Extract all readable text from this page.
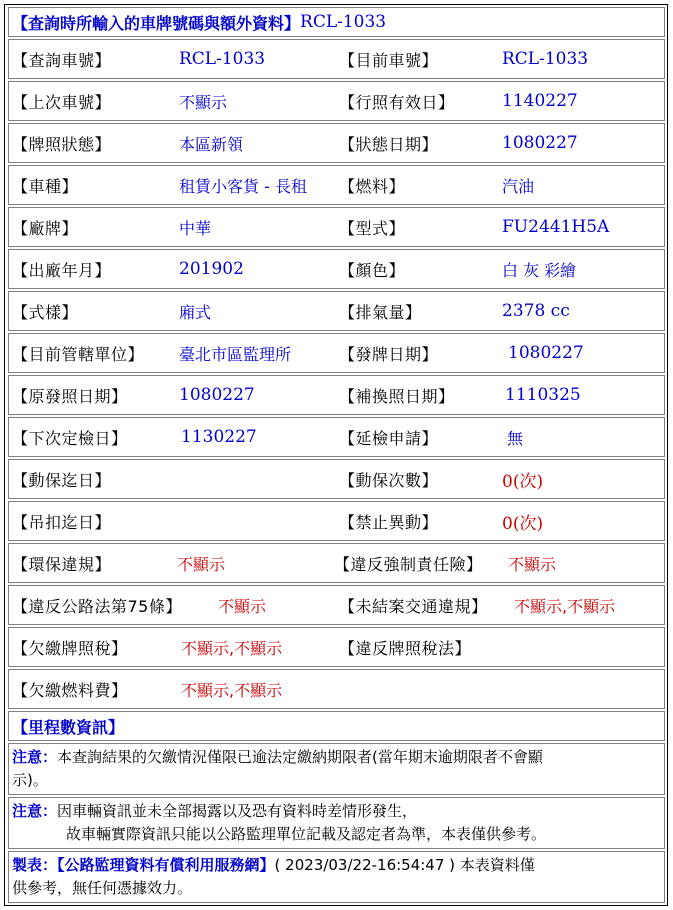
【查詢時所輸入的車牌號碼與額外資料】 RCL-1033
【查詢車號】	RCL-1033	【目前車號】	RCL-1033
【上次車號】	不顯示	【行照有效日】	1140227
【牌照狀態】	本區新領	【狀態日期】	1080227
【車種】	租賃小客貨 - 長租 【燃料】	汽油
【廠牌】	中華	【型式】	FU2441H5A
【出廠年月】	201902	【顏色】	白 灰 彩繪
【式樣】	廂式	【排氣量】	2378 cc
【目前管轄單位】 臺北市區監理所	【發牌日期】	1080227
【原發照日期】	1080227	【補換照日期】	1110325
【下次定檢日】	1130227	【延檢申請】	無
【動保迄日】	【動保次數】	0(次)
【吊扣迄日】	【禁止異動】	0(次)
【環保違規】	不顯示	【違反強制責任險】 不顯示
【違反公路法第75條】 不顯示	【未結案交通違規】 不顯示,不顯示
【欠繳牌照稅】	不顯示,不顯示	【違反牌照稅法】
【欠繳燃料費】	不顯示,不顯示
【里程數資訊】
注意：本查詢結果的欠繳情況僅限已逾法定繳納期限者(當年期末逾期限者不會顯
示)。
注意：因車輛資訊並未全部揭露以及恐有資料時差情形發生，
故車輛實際資訊只能以公路監理單位記載及認定者為準，本表僅供參考。
製表：【公路監理資料有償利用服務網】( 2023/03/22-16:54:47 ) 本表資料僅
供參考，無任何憑據效力。
